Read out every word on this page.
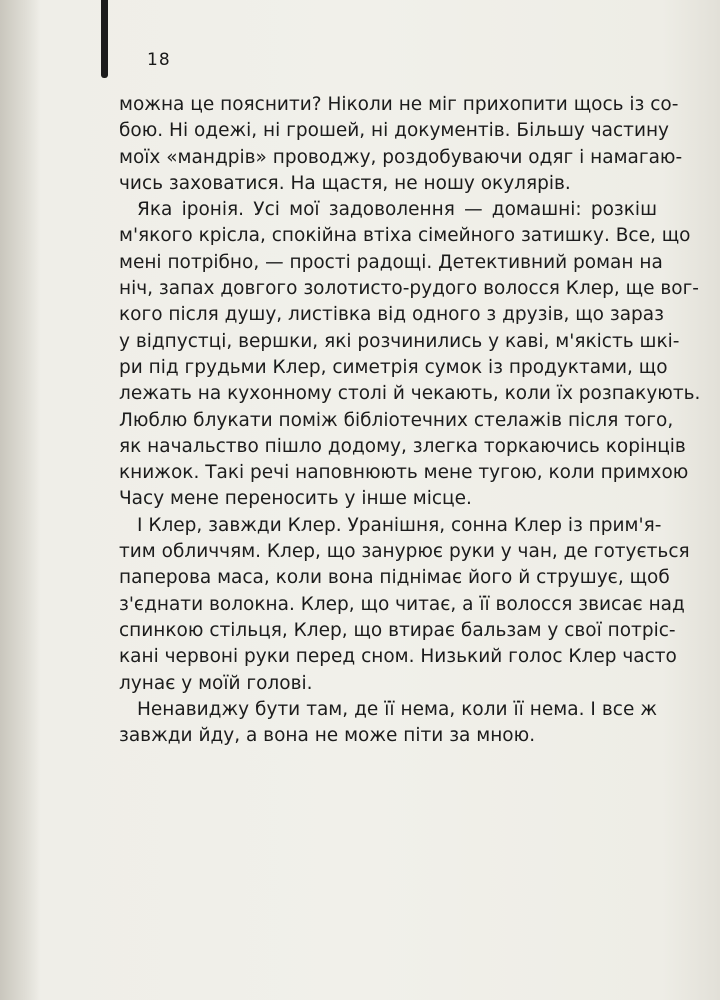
18
можна це пояснити? Ніколи не міг прихопити щось із со-
бою. Ні одежі, ні грошей, ні документів. Більшу частину
моїх «мандрів» проводжу, роздобуваючи одяг і намагаю-
чись заховатися. На щастя, не ношу окулярів.
Яка іронія. Усі мої задоволення — домашні: розкіш
м'якого крісла, спокійна втіха сімейного затишку. Все, що
мені потрібно, — прості радощі. Детективний роман на
ніч, запах довгого золотисто-рудого волосся Клер, ще вог-
кого після душу, листівка від одного з друзів, що зараз
у відпустці, вершки, які розчинились у каві, м'якість шкі-
ри під грудьми Клер, симетрія сумок із продуктами, що
лежать на кухонному столі й чекають, коли їх розпакують.
Люблю блукати поміж бібліотечних стелажів після того,
як начальство пішло додому, злегка торкаючись корінців
книжок. Такі речі наповнюють мене тугою, коли примхою
Часу мене переносить у інше місце.
І Клер, завжди Клер. Уранішня, сонна Клер із прим'я-
тим обличчям. Клер, що занурює руки у чан, де готується
паперова маса, коли вона піднімає його й струшує, щоб
з'єднати волокна. Клер, що читає, а її волосся звисає над
спинкою стільця, Клер, що втирає бальзам у свої потріс-
кані червоні руки перед сном. Низький голос Клер часто
лунає у моїй голові.
Ненавиджу бути там, де її нема, коли її нема. І все ж
завжди йду, а вона не може піти за мною.
